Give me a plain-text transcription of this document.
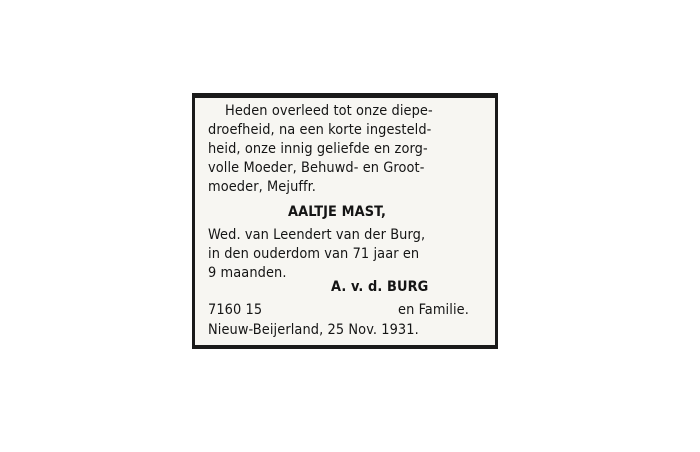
Heden overleed tot onze diepe-
droefheid, na een korte ingesteld-
heid, onze innig geliefde en zorg-
volle Moeder, Behuwd- en Groot-
moeder, Mejuffr.
AALTJE MAST,
Wed. van Leendert van der Burg,
in den ouderdom van 71 jaar en
9 maanden.
A. v. d. BURG
7160 15	en Familie.
Nieuw-Beijerland, 25 Nov. 1931.
